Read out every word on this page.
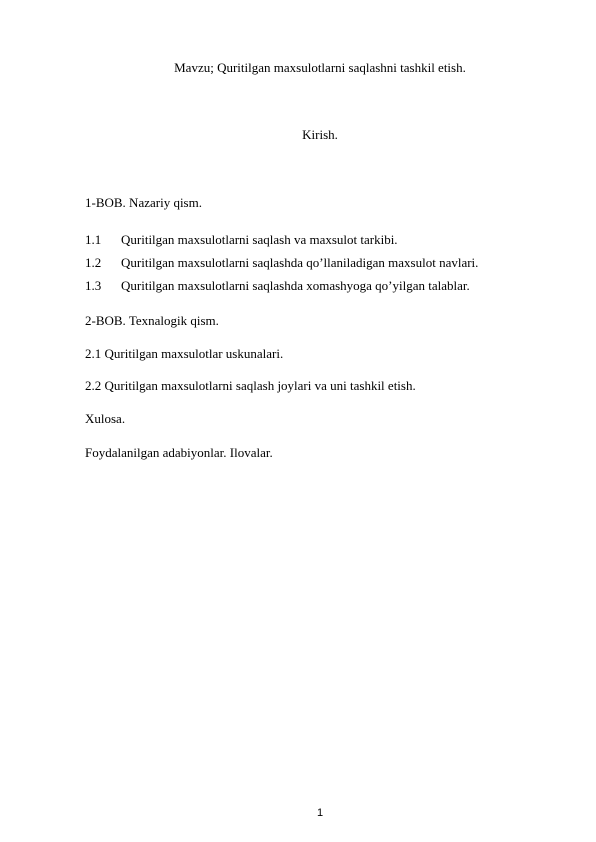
Mavzu; Quritilgan maxsulotlarni saqlashni tashkil etish.
Kirish.
1-BOB. Nazariy qism.
1.1 Quritilgan maxsulotlarni saqlash va maxsulot tarkibi.
1.2 Quritilgan maxsulotlarni saqlashda qo’llaniladigan maxsulot navlari.
1.3 Quritilgan maxsulotlarni saqlashda xomashyoga qo’yilgan talablar.
2-BOB. Texnalogik qism.
2.1 Quritilgan maxsulotlar uskunalari.
2.2 Quritilgan maxsulotlarni saqlash joylari va uni tashkil etish.
Xulosa.
Foydalanilgan adabiyonlar. Ilovalar.
1
